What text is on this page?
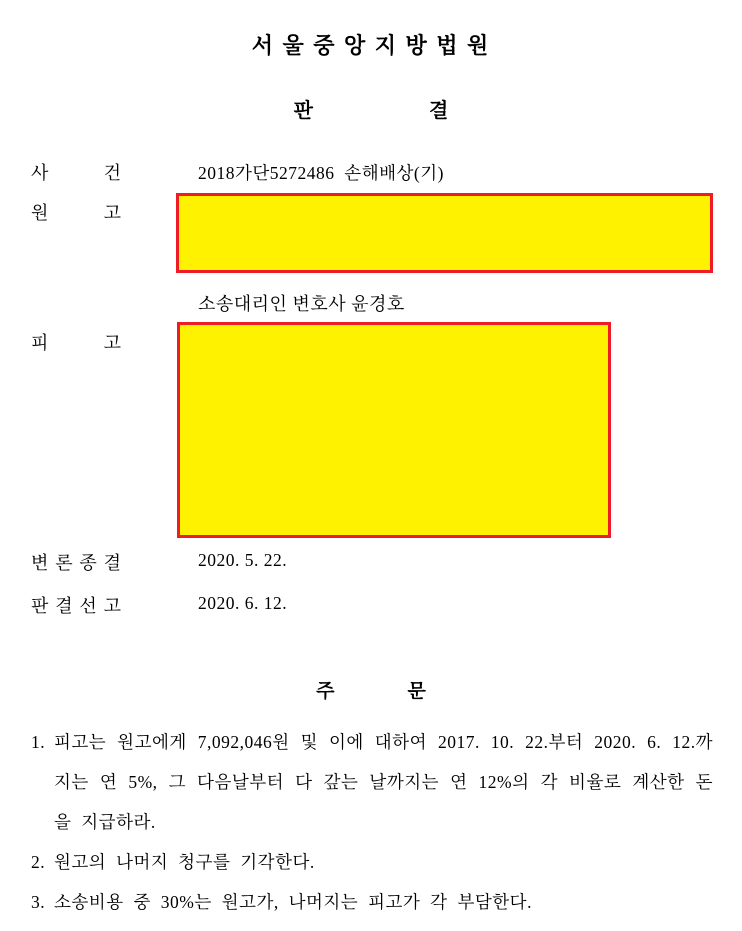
서 울 중 앙 지 방 법 원
판	결
사	건	2018가단5272486  손해배상(기)
원	고
소송대리인 변호사 윤경호
피	고
변 론 종 결	2020. 5. 22.
판 결 선 고	2020. 6. 12.
주	문
1. 피고는 원고에게 7,092,046원 및 이에 대하여 2017. 10. 22.부터 2020. 6. 12.까지는 연 5%, 그 다음날부터 다 갚는 날까지는 연 12%의 각 비율로 계산한 돈을 지급하라.
2. 원고의 나머지 청구를 기각한다.
3. 소송비용 중 30%는 원고가, 나머지는 피고가 각 부담한다.
